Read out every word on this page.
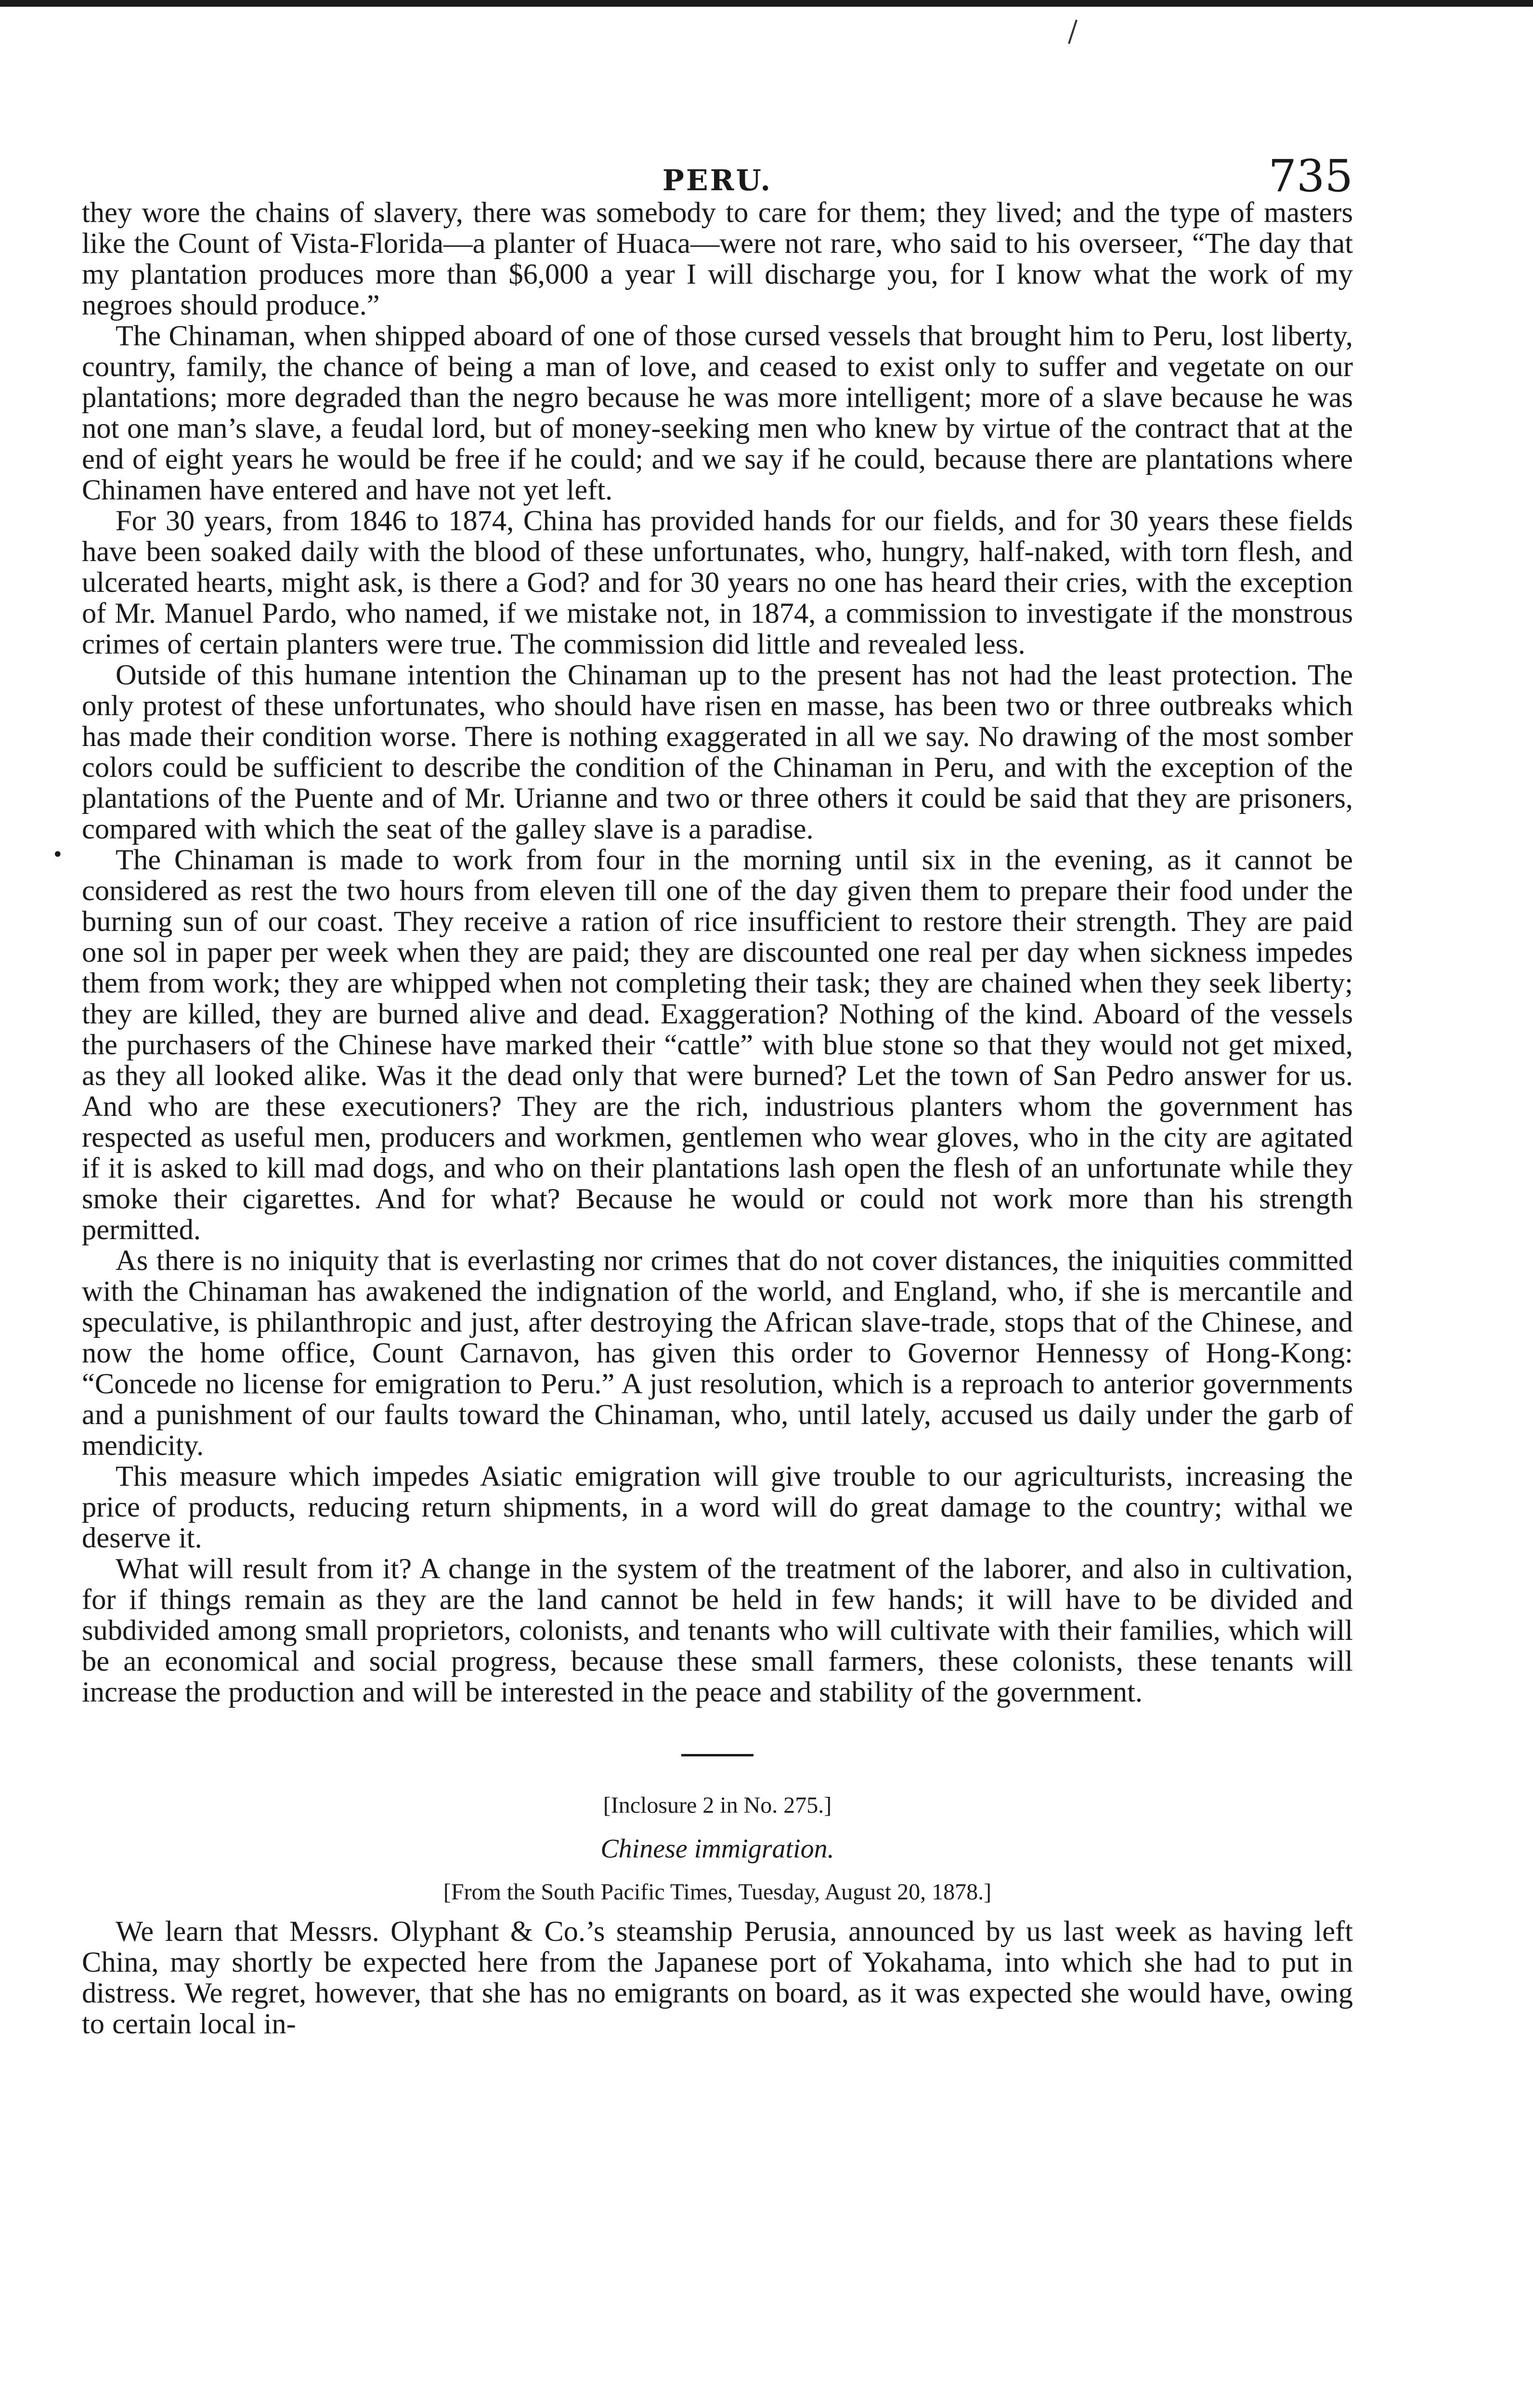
•
PERU.	735

they wore the chains of slavery, there was somebody to care for them; they lived; and the type of masters like the Count of Vista-Florida—a planter of Huaca—were not rare, who said to his overseer, “The day that my plantation produces more than $6,000 a year I will discharge you, for I know what the work of my negroes should produce.”

The Chinaman, when shipped aboard of one of those cursed vessels that brought him to Peru, lost liberty, country, family, the chance of being a man of love, and ceased to exist only to suffer and vegetate on our plantations; more degraded than the negro because he was more intelligent; more of a slave because he was not one man’s slave, a feudal lord, but of money-seeking men who knew by virtue of the contract that at the end of eight years he would be free if he could; and we say if he could, because there are plantations where Chinamen have entered and have not yet left.

For 30 years, from 1846 to 1874, China has provided hands for our fields, and for 30 years these fields have been soaked daily with the blood of these unfortunates, who, hungry, half-naked, with torn flesh, and ulcerated hearts, might ask, is there a God? and for 30 years no one has heard their cries, with the exception of Mr. Manuel Pardo, who named, if we mistake not, in 1874, a commission to investigate if the monstrous crimes of certain planters were true. The commission did little and revealed less.

Outside of this humane intention the Chinaman up to the present has not had the least protection. The only protest of these unfortunates, who should have risen en masse, has been two or three outbreaks which has made their condition worse. There is nothing exaggerated in all we say. No drawing of the most somber colors could be sufficient to describe the condition of the Chinaman in Peru, and with the exception of the plantations of the Puente and of Mr. Urianne and two or three others it could be said that they are prisoners, compared with which the seat of the galley slave is a paradise.

The Chinaman is made to work from four in the morning until six in the evening, as it cannot be considered as rest the two hours from eleven till one of the day given them to prepare their food under the burning sun of our coast. They receive a ration of rice insufficient to restore their strength. They are paid one sol in paper per week when they are paid; they are discounted one real per day when sickness impedes them from work; they are whipped when not completing their task; they are chained when they seek liberty; they are killed, they are burned alive and dead. Exaggeration? Nothing of the kind. Aboard of the vessels the purchasers of the Chinese have marked their “cattle” with blue stone so that they would not get mixed, as they all looked alike. Was it the dead only that were burned? Let the town of San Pedro answer for us. And who are these executioners? They are the rich, industrious planters whom the government has respected as useful men, producers and workmen, gentlemen who wear gloves, who in the city are agitated if it is asked to kill mad dogs, and who on their plantations lash open the flesh of an unfortunate while they smoke their cigarettes. And for what? Because he would or could not work more than his strength permitted.

As there is no iniquity that is everlasting nor crimes that do not cover distances, the iniquities committed with the Chinaman has awakened the indignation of the world, and England, who, if she is mercantile and speculative, is philanthropic and just, after destroying the African slave-trade, stops that of the Chinese, and now the home office, Count Carnavon, has given this order to Governor Hennessy of Hong-Kong: “Concede no license for emigration to Peru.” A just resolution, which is a reproach to anterior governments and a punishment of our faults toward the Chinaman, who, until lately, accused us daily under the garb of mendicity.

This measure which impedes Asiatic emigration will give trouble to our agriculturists, increasing the price of products, reducing return shipments, in a word will do great damage to the country; withal we deserve it.

What will result from it? A change in the system of the treatment of the laborer, and also in cultivation, for if things remain as they are the land cannot be held in few hands; it will have to be divided and subdivided among small proprietors, colonists, and tenants who will cultivate with their families, which will be an economical and social progress, because these small farmers, these colonists, these tenants will increase the production and will be interested in the peace and stability of the government.

[Inclosure 2 in No. 275.]
Chinese immigration.
[From the South Pacific Times, Tuesday, August 20, 1878.]

We learn that Messrs. Olyphant & Co.’s steamship Perusia, announced by us last week as having left China, may shortly be expected here from the Japanese port of Yokahama, into which she had to put in distress. We regret, however, that she has no emigrants on board, as it was expected she would have, owing to certain local in-
